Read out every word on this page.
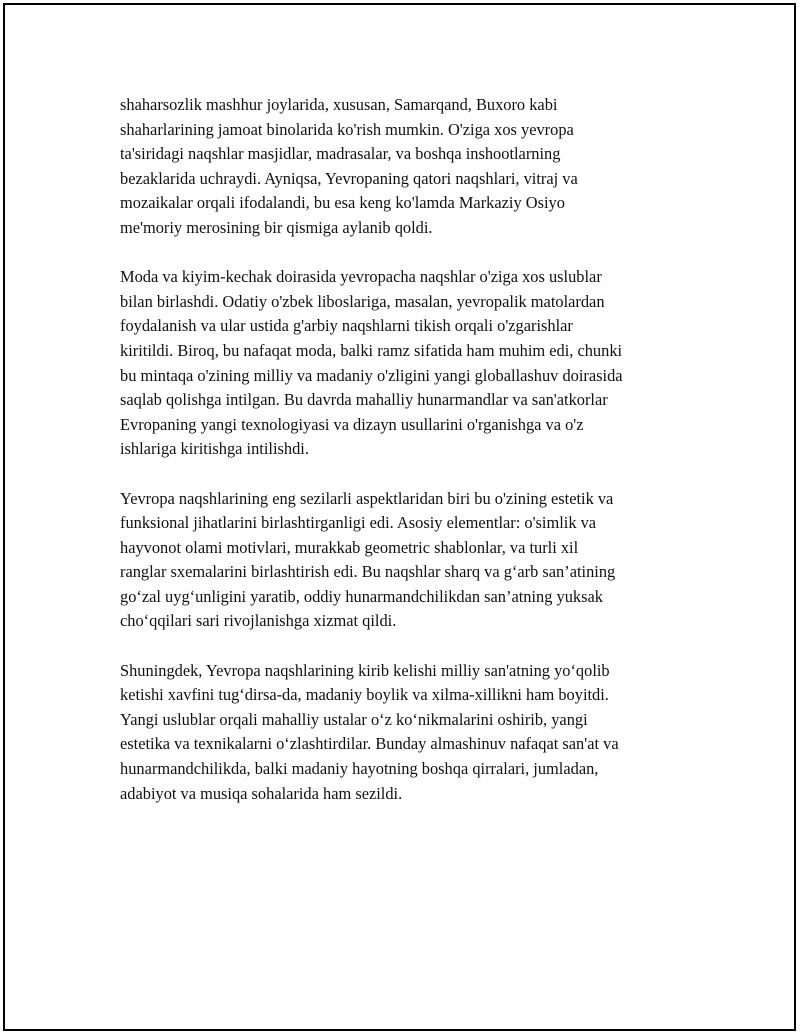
shaharsozlik mashhur joylarida, xususan, Samarqand, Buxoro kabi
shaharlarining jamoat binolarida ko'rish mumkin. O'ziga xos yevropa
ta'siridagi naqshlar masjidlar, madrasalar, va boshqa inshootlarning
bezaklarida uchraydi. Ayniqsa, Yevropaning qatori naqshlari, vitraj va
mozaikalar orqali ifodalandi, bu esa keng ko'lamda Markaziy Osiyo
me'moriy merosining bir qismiga aylanib qoldi.

Moda va kiyim-kechak doirasida yevropacha naqshlar o'ziga xos uslublar
bilan birlashdi. Odatiy o'zbek liboslariga, masalan, yevropalik matolardan
foydalanish va ular ustida g'arbiy naqshlarni tikish orqali o'zgarishlar
kiritildi. Biroq, bu nafaqat moda, balki ramz sifatida ham muhim edi, chunki
bu mintaqa o'zining milliy va madaniy o'zligini yangi globallashuv doirasida
saqlab qolishga intilgan. Bu davrda mahalliy hunarmandlar va san'atkorlar
Evropaning yangi texnologiyasi va dizayn usullarini o'rganishga va o'z
ishlariga kiritishga intilishdi.

Yevropa naqshlarining eng sezilarli aspektlaridan biri bu o'zining estetik va
funksional jihatlarini birlashtirganligi edi. Asosiy elementlar: o'simlik va
hayvonot olami motivlari, murakkab geometric shablonlar, va turli xil
ranglar sxemalarini birlashtirish edi. Bu naqshlar sharq va g‘arb san’atining
go‘zal uyg‘unligini yaratib, oddiy hunarmandchilikdan san’atning yuksak
cho‘qqilari sari rivojlanishga xizmat qildi.

Shuningdek, Yevropa naqshlarining kirib kelishi milliy san'atning yo‘qolib
ketishi xavfini tug‘dirsa-da, madaniy boylik va xilma-xillikni ham boyitdi.
Yangi uslublar orqali mahalliy ustalar o‘z ko‘nikmalarini oshirib, yangi
estetika va texnikalarni o‘zlashtirdilar. Bunday almashinuv nafaqat san'at va
hunarmandchilikda, balki madaniy hayotning boshqa qirralari, jumladan,
adabiyot va musiqa sohalarida ham sezildi.
